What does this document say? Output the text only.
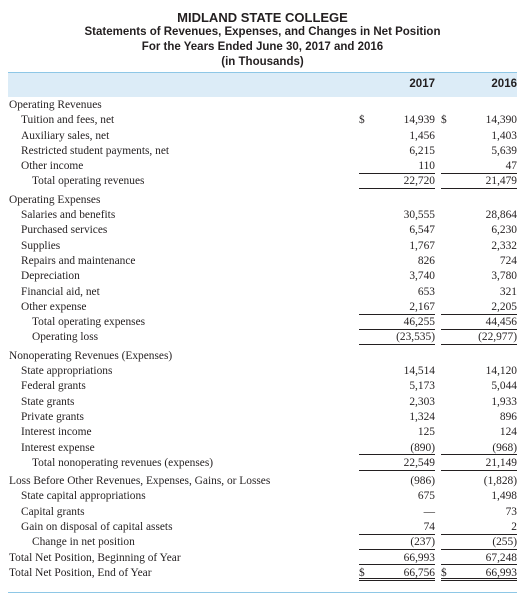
MIDLAND STATE COLLEGE
Statements of Revenues, Expenses, and Changes in Net Position
For the Years Ended June 30, 2017 and 2016
(in Thousands)
2017	2016
Operating Revenues
Tuition and fees, net	$	14,939 $	14,390
Auxiliary sales, net	1,456	1,403
Restricted student payments, net	6,215	5,639
Other income	110	47
Total operating revenues	22,720	21,479
Operating Expenses
Salaries and benefits	30,555	28,864
Purchased services	6,547	6,230
Supplies	1,767	2,332
Repairs and maintenance	826	724
Depreciation	3,740	3,780
Financial aid, net	653	321
Other expense	2,167	2,205
Total operating expenses	46,255	44,456
Operating loss	(23,535)	(22,977)
Nonoperating Revenues (Expenses)
State appropriations	14,514	14,120
Federal grants	5,173	5,044
State grants	2,303	1,933
Private grants	1,324	896
Interest income	125	124
Interest expense	(890)	(968)
Total nonoperating revenues (expenses)	22,549	21,149
Loss Before Other Revenues, Expenses, Gains, or Losses	(986)	(1,828)
State capital appropriations	675	1,498
Capital grants	—	73
Gain on disposal of capital assets	74	2
Change in net position	(237)	(255)
Total Net Position, Beginning of Year	66,993	67,248
Total Net Position, End of Year	$	66,756 $	66,993
